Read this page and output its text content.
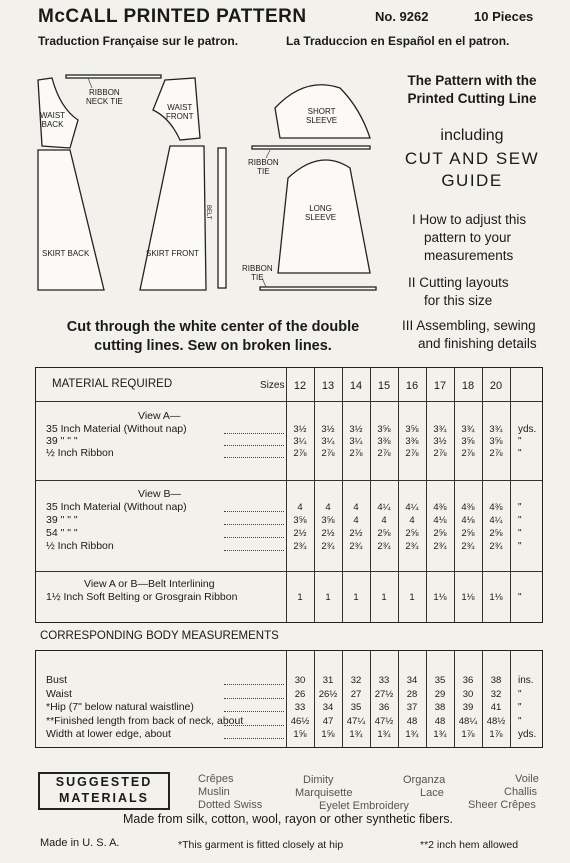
McCALL PRINTED PATTERN	No. 9262	10 Pieces
Traduction Française sur le patron.	La Traduccion en Español en el patron.
WAIST
BACK
RIBBON
NECK TIE
WAIST
FRONT
SKIRT BACK	SKIRT FRONT
BELT
SHORT
SLEEVE
RIBBON
TIE
LONG
SLEEVE
RIBBON
TIE
The Pattern with the
Printed Cutting Line
including
CUT AND SEW
GUIDE
I How to adjust this
pattern to your
measurements
II Cutting layouts
for this size
III Assembling, sewing
and finishing details
Cut through the white center of the double
cutting lines. Sew on broken lines.
MATERIAL REQUIRED	Sizes 12	13	14	15	16	17	18	20
View A—
35 Inch Material (Without nap)	3½	3½	3½	3⅝	3⅝	3¾	3¾	3¾	yds.
39 " " "	3¼	3¼	3¼	3⅜	3⅜	3½	3⅝	3⅝	"
½ Inch Ribbon	2⅞	2⅞	2⅞	2⅞	2⅞	2⅞	2⅞	2⅞	"
View B—
35 Inch Material (Without nap)	4	4	4	4¼	4¼	4⅜	4⅜	4⅜	"
39 " " "	3⅝	3⅝	4	4	4	4⅛	4⅛	4¼	"
54 " " "	2½	2½	2½	2⅝	2⅝	2⅝	2⅝	2⅝	"
½ Inch Ribbon	2¾	2¾	2¾	2¾	2¾	2¾	2¾	2¾	"
View A or B—Belt Interlining
1½ Inch Soft Belting or Grosgrain Ribbon	1	1	1	1	1	1⅛	1⅛	1⅛	"
CORRESPONDING BODY MEASUREMENTS
Bust	30	31	32	33	34	35	36	38	ins.
Waist	26	26½	27	27½	28	29	30	32	"
*Hip (7" below natural waistline)	33	34	35	36	37	38	39	41	"
**Finished length from back of neck, about	46½	47	47¼	47½	48	48	48¼	48½	"
Width at lower edge, about	1⅝	1⅝	1¾	1¾	1¾	1¾	1⅞	1⅞	yds.
SUGGESTED
MATERIALS
Crêpes	Dimity	Organza	Voile
Muslin	Marquisette	Lace	Challis
Dotted Swiss	Eyelet Embroidery	Sheer Crêpes
Made from silk, cotton, wool, rayon or other synthetic fibers.
Made in U. S. A.	*This garment is fitted closely at hip	**2 inch hem allowed
